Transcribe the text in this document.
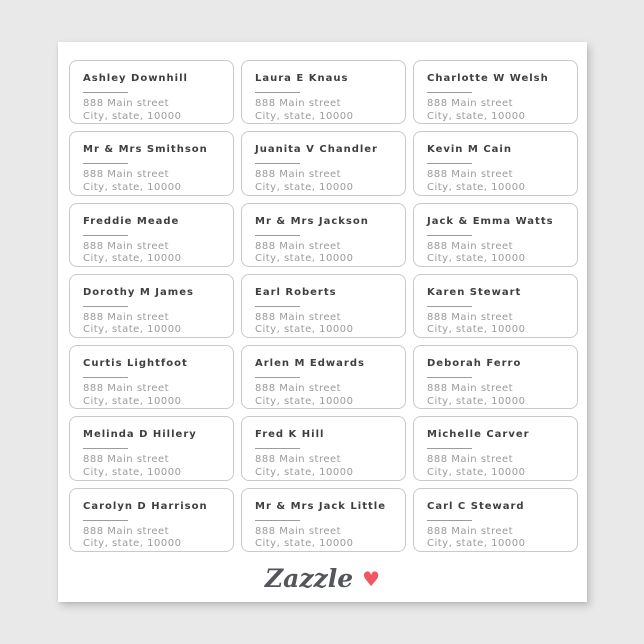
Ashley Downhill
888 Main street
City, state, 10000
Laura E Knaus
888 Main street
City, state, 10000
Charlotte W Welsh
888 Main street
City, state, 10000
Mr & Mrs Smithson
888 Main street
City, state, 10000
Juanita V Chandler
888 Main street
City, state, 10000
Kevin M Cain
888 Main street
City, state, 10000
Freddie Meade
888 Main street
City, state, 10000
Mr & Mrs Jackson
888 Main street
City, state, 10000
Jack & Emma Watts
888 Main street
City, state, 10000
Dorothy M James
888 Main street
City, state, 10000
Earl Roberts
888 Main street
City, state, 10000
Karen Stewart
888 Main street
City, state, 10000
Curtis Lightfoot
888 Main street
City, state, 10000
Arlen M Edwards
888 Main street
City, state, 10000
Deborah Ferro
888 Main street
City, state, 10000
Melinda D Hillery
888 Main street
City, state, 10000
Fred K Hill
888 Main street
City, state, 10000
Michelle Carver
888 Main street
City, state, 10000
Carolyn D Harrison
888 Main street
City, state, 10000
Mr & Mrs Jack Little
888 Main street
City, state, 10000
Carl C Steward
888 Main street
City, state, 10000
Zazzle ♥
